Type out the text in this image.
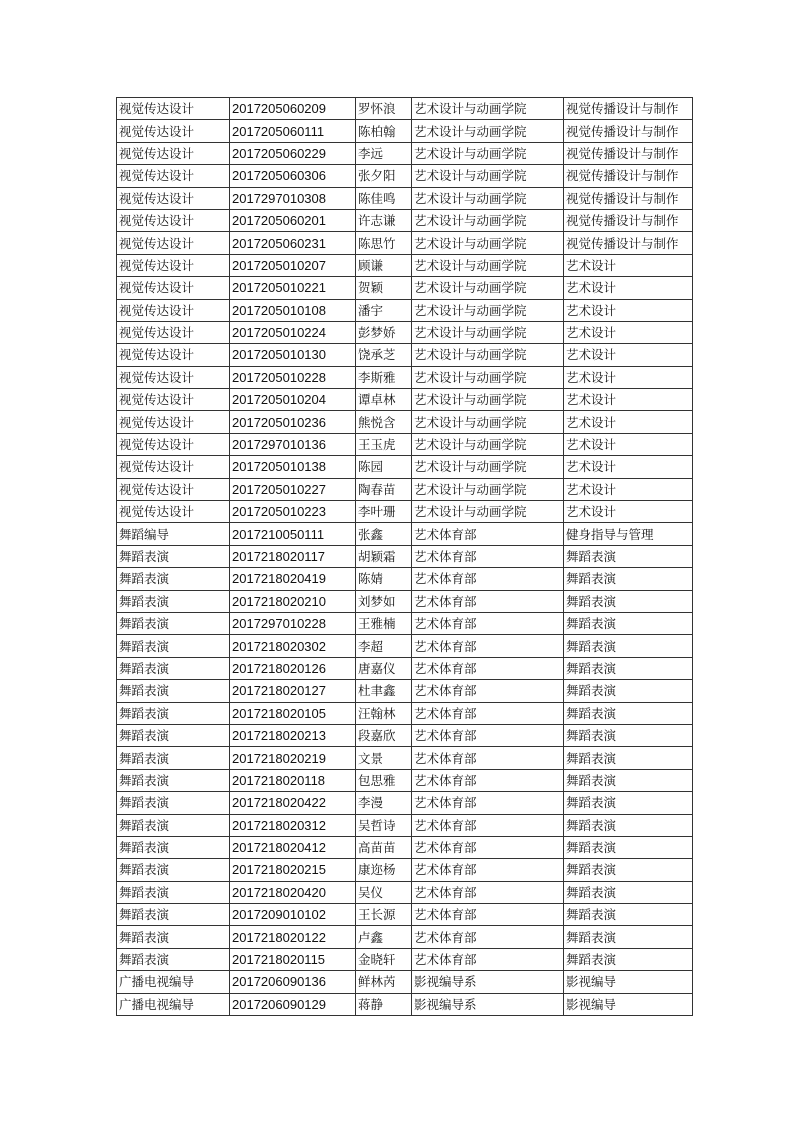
视觉传达设计	2017205060209	罗怀浪	艺术设计与动画学院	视觉传播设计与制作
视觉传达设计	2017205060111	陈柏翰	艺术设计与动画学院	视觉传播设计与制作
视觉传达设计	2017205060229	李远	艺术设计与动画学院	视觉传播设计与制作
视觉传达设计	2017205060306	张夕阳	艺术设计与动画学院	视觉传播设计与制作
视觉传达设计	2017297010308	陈佳鸣	艺术设计与动画学院	视觉传播设计与制作
视觉传达设计	2017205060201	许志谦	艺术设计与动画学院	视觉传播设计与制作
视觉传达设计	2017205060231	陈思竹	艺术设计与动画学院	视觉传播设计与制作
视觉传达设计	2017205010207	顾谦	艺术设计与动画学院	艺术设计
视觉传达设计	2017205010221	贺颖	艺术设计与动画学院	艺术设计
视觉传达设计	2017205010108	潘宇	艺术设计与动画学院	艺术设计
视觉传达设计	2017205010224	彭梦娇	艺术设计与动画学院	艺术设计
视觉传达设计	2017205010130	饶承芝	艺术设计与动画学院	艺术设计
视觉传达设计	2017205010228	李斯雅	艺术设计与动画学院	艺术设计
视觉传达设计	2017205010204	谭卓林	艺术设计与动画学院	艺术设计
视觉传达设计	2017205010236	熊悦含	艺术设计与动画学院	艺术设计
视觉传达设计	2017297010136	王玉虎	艺术设计与动画学院	艺术设计
视觉传达设计	2017205010138	陈园	艺术设计与动画学院	艺术设计
视觉传达设计	2017205010227	陶春苗	艺术设计与动画学院	艺术设计
视觉传达设计	2017205010223	李叶珊	艺术设计与动画学院	艺术设计
舞蹈编导	2017210050111	张鑫	艺术体育部	健身指导与管理
舞蹈表演	2017218020117	胡颖霜	艺术体育部	舞蹈表演
舞蹈表演	2017218020419	陈婧	艺术体育部	舞蹈表演
舞蹈表演	2017218020210	刘梦如	艺术体育部	舞蹈表演
舞蹈表演	2017297010228	王雅楠	艺术体育部	舞蹈表演
舞蹈表演	2017218020302	李超	艺术体育部	舞蹈表演
舞蹈表演	2017218020126	唐嘉仪	艺术体育部	舞蹈表演
舞蹈表演	2017218020127	杜聿鑫	艺术体育部	舞蹈表演
舞蹈表演	2017218020105	汪翰林	艺术体育部	舞蹈表演
舞蹈表演	2017218020213	段嘉欣	艺术体育部	舞蹈表演
舞蹈表演	2017218020219	文景	艺术体育部	舞蹈表演
舞蹈表演	2017218020118	包思雅	艺术体育部	舞蹈表演
舞蹈表演	2017218020422	李漫	艺术体育部	舞蹈表演
舞蹈表演	2017218020312	吴哲诗	艺术体育部	舞蹈表演
舞蹈表演	2017218020412	高苗苗	艺术体育部	舞蹈表演
舞蹈表演	2017218020215	康迩杨	艺术体育部	舞蹈表演
舞蹈表演	2017218020420	吴仪	艺术体育部	舞蹈表演
舞蹈表演	2017209010102	王长源	艺术体育部	舞蹈表演
舞蹈表演	2017218020122	卢鑫	艺术体育部	舞蹈表演
舞蹈表演	2017218020115	金晓轩	艺术体育部	舞蹈表演
广播电视编导	2017206090136	鲜林芮	影视编导系	影视编导
广播电视编导	2017206090129	蒋静	影视编导系	影视编导
